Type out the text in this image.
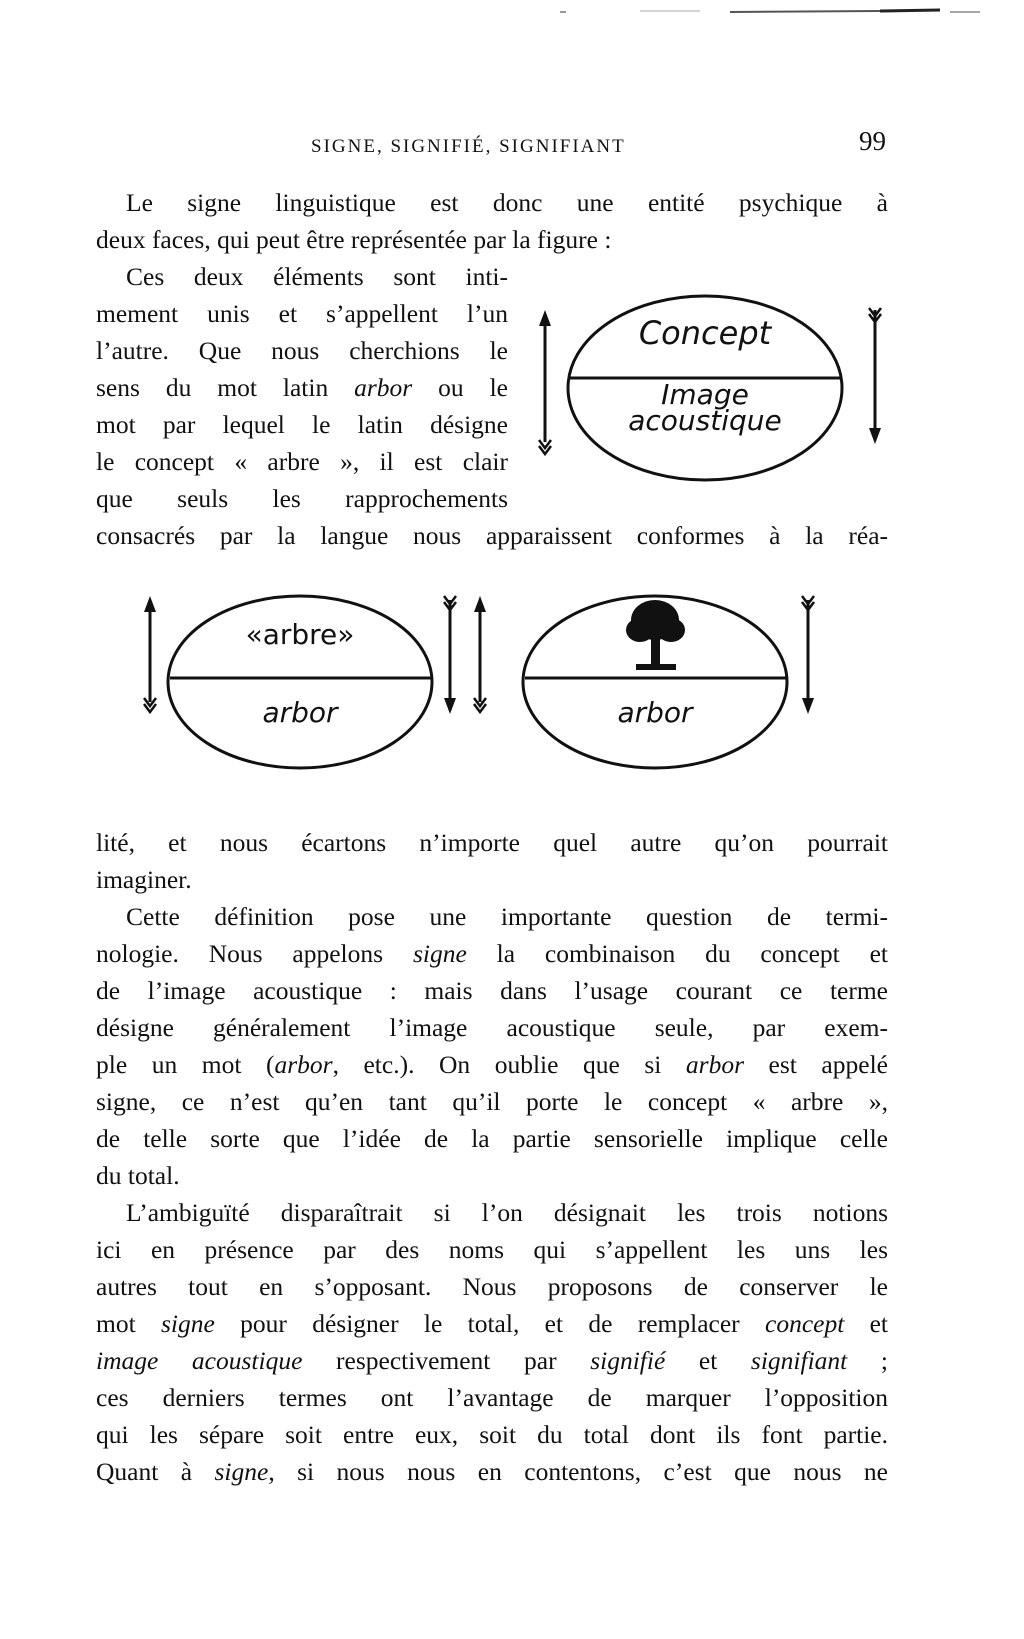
SIGNE, SIGNIFIÉ, SIGNIFIANT	99
Le signe linguistique est donc une entité psychique à
deux faces, qui peut être représentée par la figure :
Ces deux éléments sont inti-
mement unis et s’appellent l’un
l’autre. Que nous cherchions le
sens du mot latin arbor ou le
mot par lequel le latin désigne
le concept « arbre », il est clair
que seuls les rapprochements
consacrés par la langue nous apparaissent conformes à la réa-
Concept
Image
acoustique
«arbre»
arbor	arbor
lité, et nous écartons n’importe quel autre qu’on pourrait
imaginer.
Cette définition pose une importante question de termi-
nologie. Nous appelons signe la combinaison du concept et
de l’image acoustique : mais dans l’usage courant ce terme
désigne généralement l’image acoustique seule, par exem-
ple un mot (arbor, etc.). On oublie que si arbor est appelé
signe, ce n’est qu’en tant qu’il porte le concept « arbre »,
de telle sorte que l’idée de la partie sensorielle implique celle
du total.
L’ambiguïté disparaîtrait si l’on désignait les trois notions
ici en présence par des noms qui s’appellent les uns les
autres tout en s’opposant. Nous proposons de conserver le
mot signe pour désigner le total, et de remplacer concept et
image acoustique respectivement par signifié et signifiant ;
ces derniers termes ont l’avantage de marquer l’opposition
qui les sépare soit entre eux, soit du total dont ils font partie.
Quant à signe, si nous nous en contentons, c’est que nous ne
